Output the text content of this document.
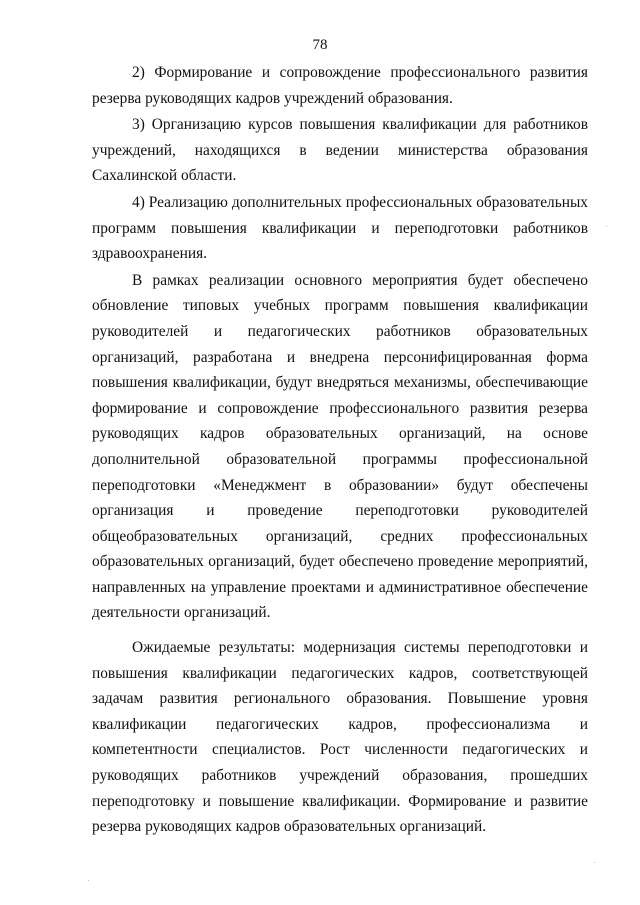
78

2) Формирование и сопровождение профессионального развития резерва руководящих кадров учреждений образования.

3) Организацию курсов повышения квалификации для работников учреждений, находящихся в ведении министерства образования Сахалинской области.

4) Реализацию дополнительных профессиональных образовательных программ повышения квалификации и переподготовки работников здравоохранения.

В рамках реализации основного мероприятия будет обеспечено обновление типовых учебных программ повышения квалификации руководителей и педагогических работников образовательных организаций, разработана и внедрена персонифицированная форма повышения квалификации, будут внедряться механизмы, обеспечивающие формирование и сопровождение профессионального развития резерва руководящих кадров образовательных организаций, на основе дополнительной образовательной программы профессиональной переподготовки «Менеджмент в образовании» будут обеспечены организация и проведение переподготовки руководителей общеобразовательных организаций, средних профессиональных образовательных организаций, будет обеспечено проведение мероприятий, направленных на управление проектами и административное обеспечение деятельности организаций.

Ожидаемые результаты: модернизация системы переподготовки и повышения квалификации педагогических кадров, соответствующей задачам развития регионального образования. Повышение уровня квалификации педагогических кадров, профессионализма и компетентности специалистов. Рост численности педагогических и руководящих работников учреждений образования, прошедших переподготовку и повышение квалификации. Формирование и развитие резерва руководящих кадров образовательных организаций.
